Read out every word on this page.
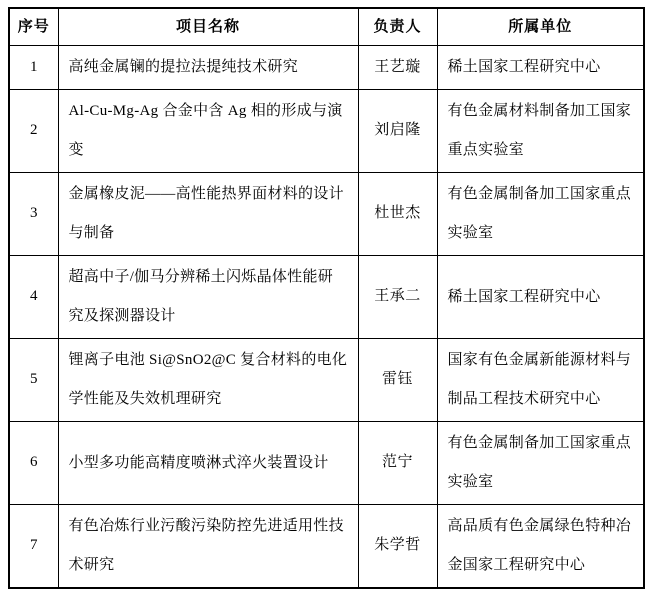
序号	项目名称	负责人	所属单位
1	高纯金属镧的提拉法提纯技术研究	王艺璇	稀土国家工程研究中心
2	Al-Cu-Mg-Ag 合金中含 Ag 相的形成与演变	刘启隆	有色金属材料制备加工国家重点实验室
3	金属橡皮泥——高性能热界面材料的设计与制备	杜世杰	有色金属制备加工国家重点实验室
4	超高中子/伽马分辨稀土闪烁晶体性能研究及探测器设计	王承二	稀土国家工程研究中心
5	锂离子电池 Si@SnO2@C 复合材料的电化学性能及失效机理研究	雷钰	国家有色金属新能源材料与制品工程技术研究中心
6	小型多功能高精度喷淋式淬火装置设计	范宁	有色金属制备加工国家重点实验室
7	有色冶炼行业污酸污染防控先进适用性技术研究	朱学哲	高品质有色金属绿色特种冶金国家工程研究中心
